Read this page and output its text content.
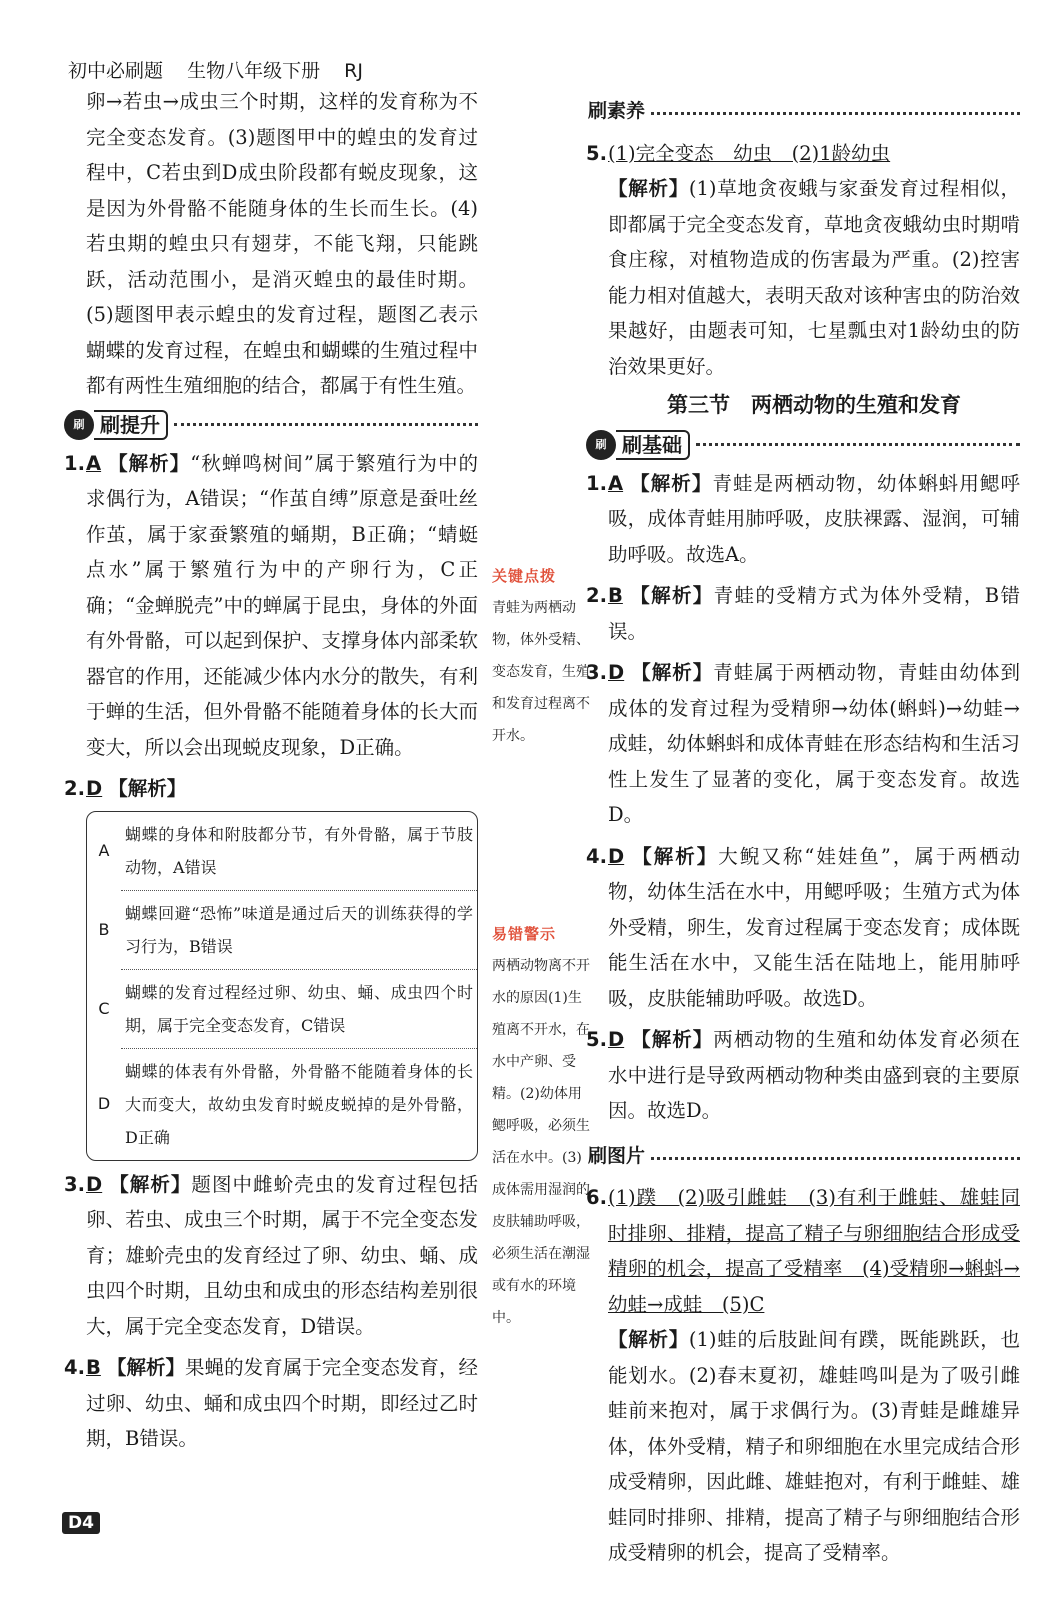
初中必刷题 生物八年级下册 RJ

卵→若虫→成虫三个时期，这样的发育称为不完全变态发育。(3)题图甲中的蝗虫的发育过程中，C若虫到D成虫阶段都有蜕皮现象，这是因为外骨骼不能随身体的生长而生长。(4)若虫期的蝗虫只有翅芽，不能飞翔，只能跳跃，活动范围小，是消灭蝗虫的最佳时期。(5)题图甲表示蝗虫的发育过程，题图乙表示蝴蝶的发育过程，在蝗虫和蝴蝶的生殖过程中都有两性生殖细胞的结合，都属于有性生殖。

刷 刷提升

1.A 【解析】“秋蝉鸣树间”属于繁殖行为中的求偶行为，A错误；“作茧自缚”原意是蚕吐丝作茧，属于家蚕繁殖的蛹期，B正确；“蜻蜓点水”属于繁殖行为中的产卵行为，C正确；“金蝉脱壳”中的蝉属于昆虫，身体的外面有外骨骼，可以起到保护、支撑身体内部柔软器官的作用，还能减少体内水分的散失，有利于蝉的生活，但外骨骼不能随着身体的长大而变大，所以会出现蜕皮现象，D正确。

2.D 【解析】

A	蝴蝶的身体和附肢都分节，有外骨骼，属于节肢动物，A错误
B	蝴蝶回避“恐怖”味道是通过后天的训练获得的学习行为，B错误
C	蝴蝶的发育过程经过卵、幼虫、蛹、成虫四个时期，属于完全变态发育，C错误
D	蝴蝶的体表有外骨骼，外骨骼不能随着身体的长大而变大，故幼虫发育时蜕皮蜕掉的是外骨骼，D正确

3.D 【解析】题图中雌蚧壳虫的发育过程包括卵、若虫、成虫三个时期，属于不完全变态发育；雄蚧壳虫的发育经过了卵、幼虫、蛹、成虫四个时期，且幼虫和成虫的形态结构差别很大，属于完全变态发育，D错误。

4.B 【解析】果蝇的发育属于完全变态发育，经过卵、幼虫、蛹和成虫四个时期，即经过乙时期，B错误。

关键点拨
青蛙为两栖动物，体外受精、变态发育，生殖和发育过程离不开水。
易错警示
两栖动物离不开水的原因(1)生殖离不开水，在水中产卵、受精。(2)幼体用鳃呼吸，必须生活在水中。(3)成体需用湿润的皮肤辅助呼吸，必须生活在潮湿或有水的环境中。
刷素养

5.(1)完全变态　幼虫　(2)1龄幼虫
【解析】(1)草地贪夜蛾与家蚕发育过程相似，即都属于完全变态发育，草地贪夜蛾幼虫时期啃食庄稼，对植物造成的伤害最为严重。(2)控害能力相对值越大，表明天敌对该种害虫的防治效果越好，由题表可知，七星瓢虫对1龄幼虫的防治效果更好。

第三节　两栖动物的生殖和发育
刷 刷基础

1.A 【解析】青蛙是两栖动物，幼体蝌蚪用鳃呼吸，成体青蛙用肺呼吸，皮肤裸露、湿润，可辅助呼吸。故选A。

2.B 【解析】青蛙的受精方式为体外受精，B错误。

3.D 【解析】青蛙属于两栖动物，青蛙由幼体到成体的发育过程为受精卵→幼体(蝌蚪)→幼蛙→成蛙，幼体蝌蚪和成体青蛙在形态结构和生活习性上发生了显著的变化，属于变态发育。故选D。

4.D 【解析】大鲵又称“娃娃鱼”，属于两栖动物，幼体生活在水中，用鳃呼吸；生殖方式为体外受精，卵生，发育过程属于变态发育；成体既能生活在水中，又能生活在陆地上，能用肺呼吸，皮肤能辅助呼吸。故选D。

5.D 【解析】两栖动物的生殖和幼体发育必须在水中进行是导致两栖动物种类由盛到衰的主要原因。故选D。

刷图片

6.(1)蹼　(2)吸引雌蛙　(3)有利于雌蛙、雄蛙同时排卵、排精，提高了精子与卵细胞结合形成受精卵的机会，提高了受精率　(4)受精卵→蝌蚪→幼蛙→成蛙　(5)C
【解析】(1)蛙的后肢趾间有蹼，既能跳跃，也能划水。(2)春末夏初，雄蛙鸣叫是为了吸引雌蛙前来抱对，属于求偶行为。(3)青蛙是雌雄异体，体外受精，精子和卵细胞在水里完成结合形成受精卵，因此雌、雄蛙抱对，有利于雌蛙、雄蛙同时排卵、排精，提高了精子与卵细胞结合形成受精卵的机会，提高了受精率。

D4
